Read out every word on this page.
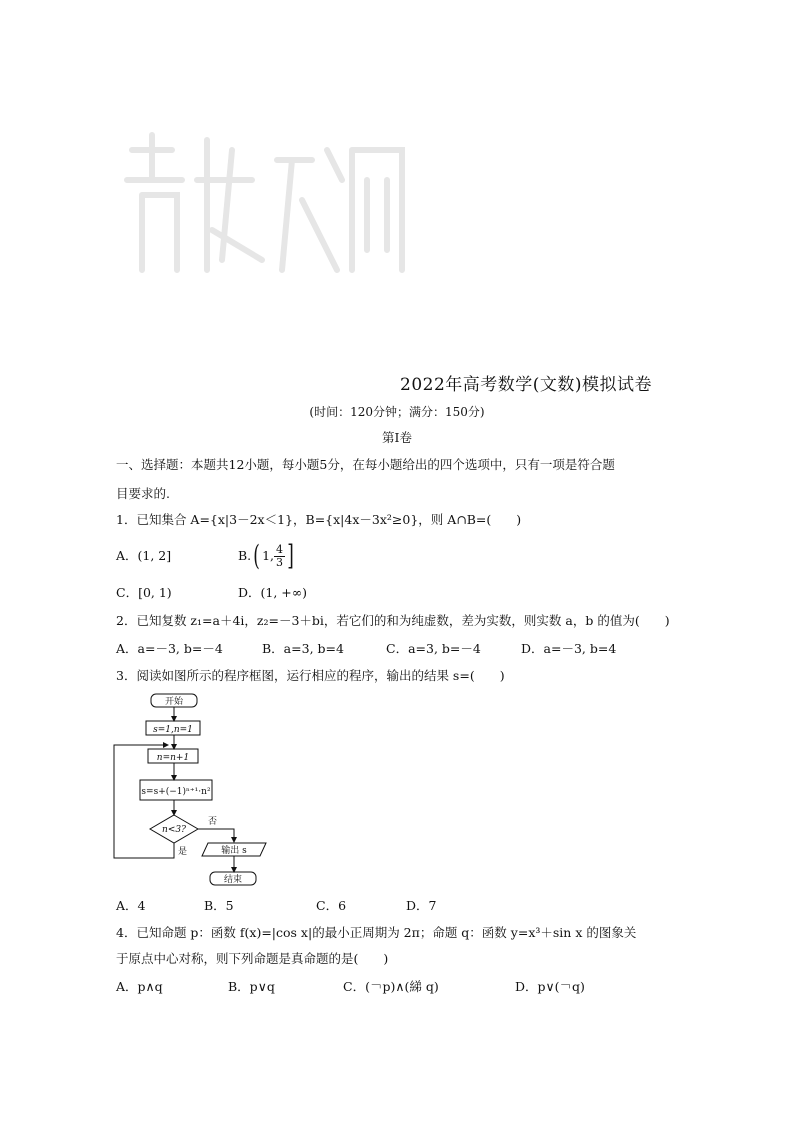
2022年高考数学(文数)模拟试卷
(时间：120分钟；满分：150分)
第Ⅰ卷
一、选择题：本题共12小题，每小题5分，在每小题给出的四个选项中，只有一项是符合题
目要求的.
1．已知集合 A={x|3－2x＜1}，B={x|4x－3x²≥0}，则 A∩B=(　　)
A．(1, 2]	B. ( 1, $\frac{4}{3}$ ]
C．[0, 1)	D．(1, +∞)
2．已知复数 z₁=a＋4i，z₂=－3＋bi，若它们的和为纯虚数，差为实数，则实数 a，b 的值为(　　)
A．a=－3, b=－4	B．a=3, b=4	C．a=3, b=－4	D．a=－3, b=4
3．阅读如图所示的程序框图，运行相应的程序，输出的结果 s=(　　)
开始
s=1,n=1
n=n+1
s=s+(−1)ⁿ⁺¹·n²
n<3?
否
是	输出 s
结束
A．4	B．5	C．6	D．7
4．已知命题 p：函数 f(x)=|cos x|的最小正周期为 2π；命题 q：函数 y=x³＋sin x 的图象关
于原点中心对称，则下列命题是真命题的是(　　)
A．p∧q	B．p∨q	C．(￢p)∧(綈 q)	D．p∨(￢q)
